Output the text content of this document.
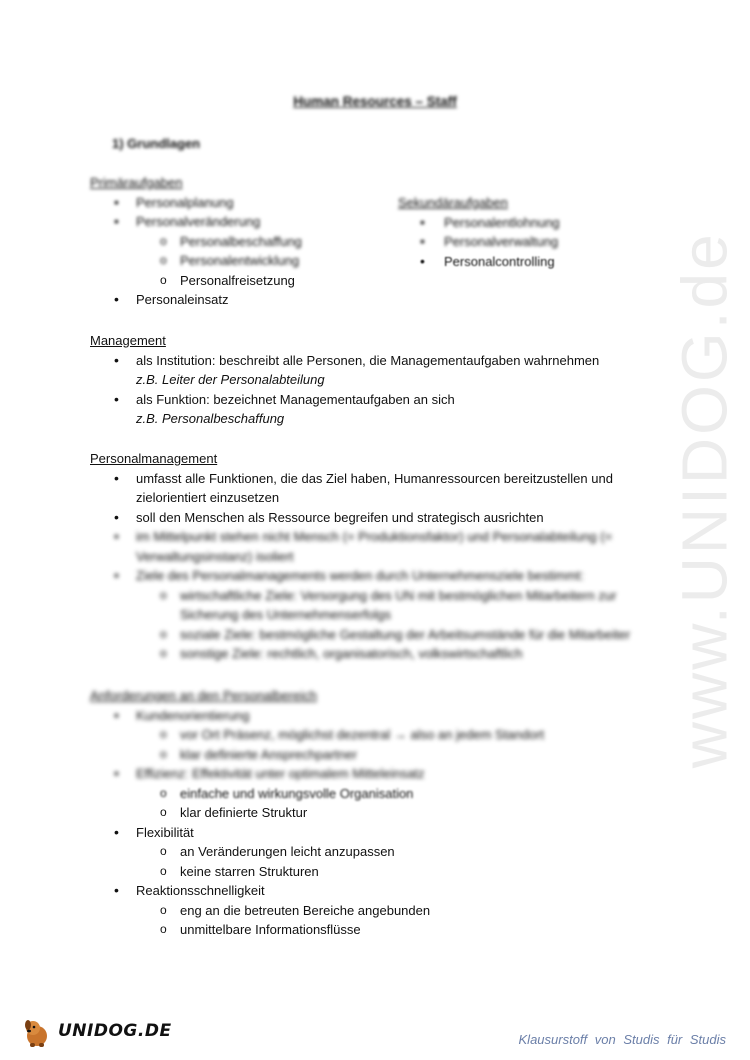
www.UNIDOG.de

Human Resources – Staff

1) Grundlagen

Primäraufgaben
• Personalplanung
• Personalveränderung
o Personalbeschaffung
o Personalentwicklung
o Personalfreisetzung
• Personaleinsatz
Sekundäraufgaben
• Personalentlohnung
• Personalverwaltung
• Personalcontrolling
Management
• als Institution: beschreibt alle Personen, die Managementaufgaben wahrnehmen
z.B. Leiter der Personalabteilung
• als Funktion: bezeichnet Managementaufgaben an sich
z.B. Personalbeschaffung
Personalmanagement
• umfasst alle Funktionen, die das Ziel haben, Humanressourcen bereitzustellen und zielorientiert einzusetzen
• soll den Menschen als Ressource begreifen und strategisch ausrichten
• im Mittelpunkt stehen nicht Mensch (= Produktionsfaktor) und Personalabteilung (= Verwaltungsinstanz) isoliert
• Ziele des Personalmanagements werden durch Unternehmensziele bestimmt:
o wirtschaftliche Ziele: Versorgung des UN mit bestmöglichen Mitarbeitern zur Sicherung des Unternehmenserfolgs
o soziale Ziele: bestmögliche Gestaltung der Arbeitsumstände für die Mitarbeiter
o sonstige Ziele: rechtlich, organisatorisch, volkswirtschaftlich
Anforderungen an den Personalbereich
• Kundenorientierung
o vor Ort Präsenz, möglichst dezentral → also an jedem Standort
o klar definierte Ansprechpartner
• Effizienz: Effektivität unter optimalem Mitteleinsatz
o einfache und wirkungsvolle Organisation
o klar definierte Struktur
• Flexibilität
o an Veränderungen leicht anzupassen
o keine starren Strukturen
• Reaktionsschnelligkeit
o eng an die betreuten Bereiche angebunden
o unmittelbare Informationsflüsse
UNIDOG.DE	Klausurstoff von Studis für Studis
